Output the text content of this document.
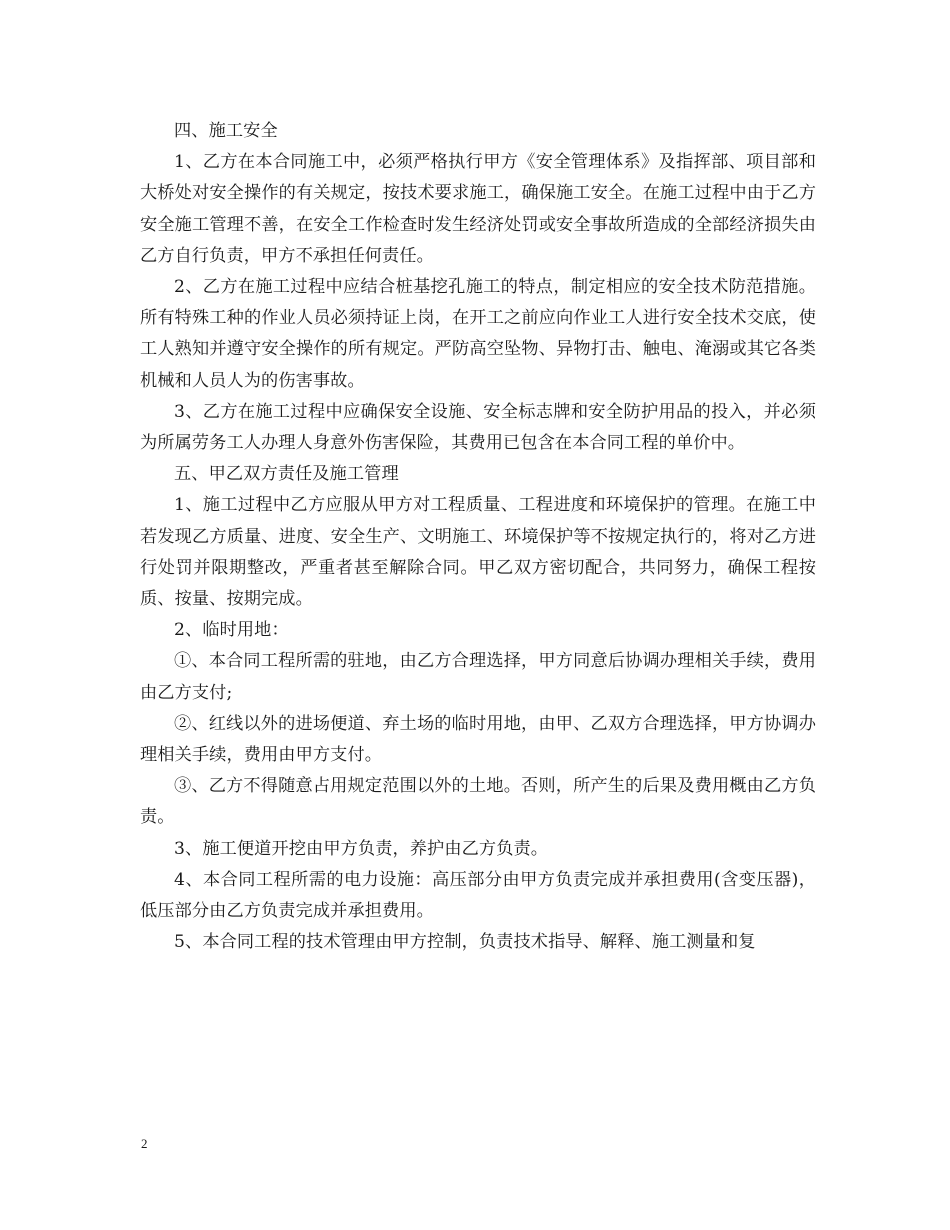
四、施工安全

1、乙方在本合同施工中，必须严格执行甲方《安全管理体系》及指挥部、项目部和大桥处对安全操作的有关规定，按技术要求施工，确保施工安全。在施工过程中由于乙方安全施工管理不善，在安全工作检查时发生经济处罚或安全事故所造成的全部经济损失由乙方自行负责，甲方不承担任何责任。

2、乙方在施工过程中应结合桩基挖孔施工的特点，制定相应的安全技术防范措施。所有特殊工种的作业人员必须持证上岗，在开工之前应向作业工人进行安全技术交底，使工人熟知并遵守安全操作的所有规定。严防高空坠物、异物打击、触电、淹溺或其它各类机械和人员人为的伤害事故。

3、乙方在施工过程中应确保安全设施、安全标志牌和安全防护用品的投入，并必须为所属劳务工人办理人身意外伤害保险，其费用已包含在本合同工程的单价中。

五、甲乙双方责任及施工管理

1、施工过程中乙方应服从甲方对工程质量、工程进度和环境保护的管理。在施工中若发现乙方质量、进度、安全生产、文明施工、环境保护等不按规定执行的，将对乙方进行处罚并限期整改，严重者甚至解除合同。甲乙双方密切配合，共同努力，确保工程按质、按量、按期完成。

2、临时用地：

①、本合同工程所需的驻地，由乙方合理选择，甲方同意后协调办理相关手续，费用由乙方支付;

②、红线以外的进场便道、弃土场的临时用地，由甲、乙双方合理选择，甲方协调办理相关手续，费用由甲方支付。

③、乙方不得随意占用规定范围以外的土地。否则，所产生的后果及费用概由乙方负责。

3、施工便道开挖由甲方负责，养护由乙方负责。

4、本合同工程所需的电力设施：高压部分由甲方负责完成并承担费用(含变压器)，低压部分由乙方负责完成并承担费用。

5、本合同工程的技术管理由甲方控制，负责技术指导、解释、施工测量和复

2
